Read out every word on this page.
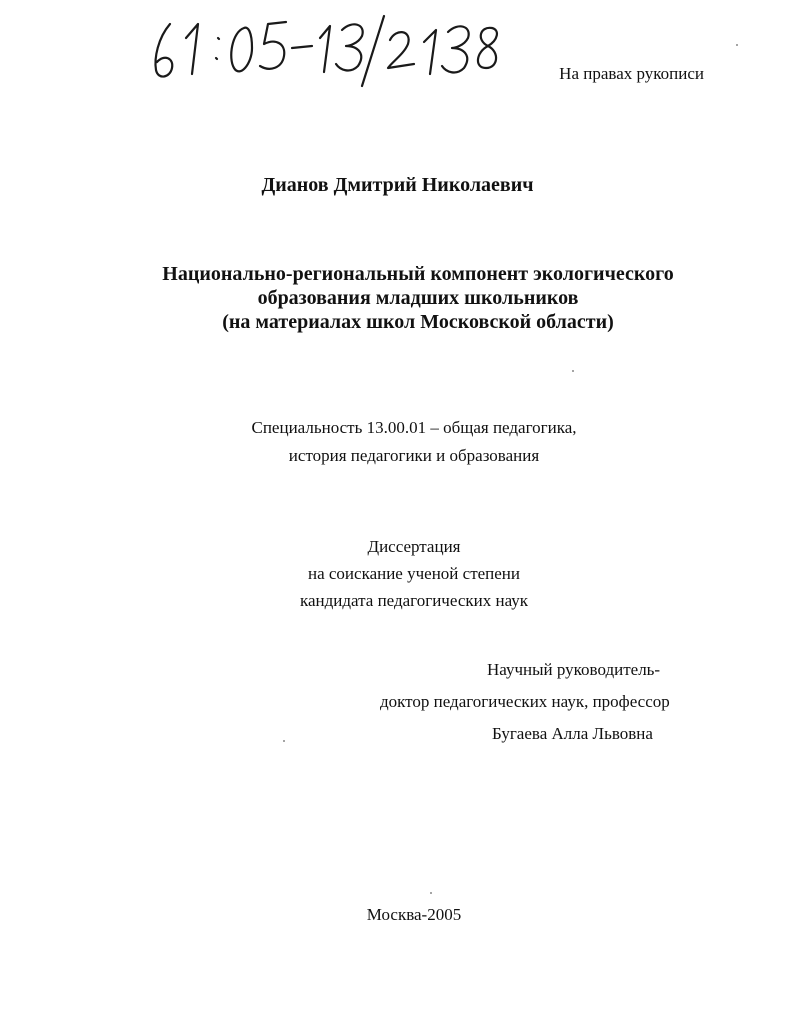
На правах рукописи
Дианов Дмитрий Николаевич
Национально-региональный компонент экологического
образования младших школьников
(на материалах школ Московской области)
Специальность 13.00.01 – общая педагогика,
история педагогики и образования
Диссертация
на соискание ученой степени
кандидата педагогических наук
Научный руководитель-
доктор педагогических наук, профессор
Бугаева Алла Львовна
Москва-2005
